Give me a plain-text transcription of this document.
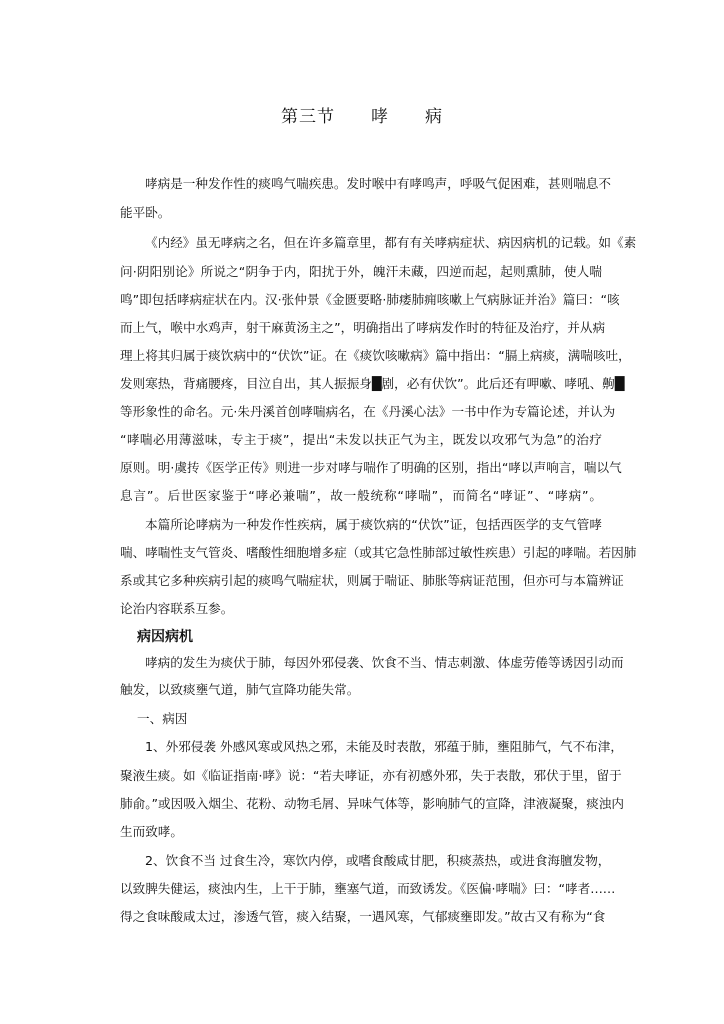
第三节 哮 病
哮病是一种发作性的痰鸣气喘疾患。发时喉中有哮鸣声，呼吸气促困难，甚则喘息不
能平卧。
《内经》虽无哮病之名，但在许多篇章里，都有有关哮病症状、病因病机的记载。如《素
问·阴阳别论》所说之“阴争于内，阳扰于外，魄汗未藏，四逆而起，起则熏肺，使人喘
鸣”即包括哮病症状在内。汉·张仲景《金匮要略·肺痿肺痈咳嗽上气病脉证并治》篇曰：“咳
而上气，喉中水鸡声，射干麻黄汤主之”，明确指出了哮病发作时的特征及治疗，并从病
理上将其归属于痰饮病中的“伏饮”证。在《痰饮咳嗽病》篇中指出：“膈上病痰，满喘咳吐，
发则寒热，背痛腰疼，目泣自出，其人振振身█剧，必有伏饮”。此后还有呷嗽、哮吼、齁█
等形象性的命名。元·朱丹溪首创哮喘病名，在《丹溪心法》一书中作为专篇论述，并认为
“哮喘必用薄滋味，专主于痰”，提出“未发以扶正气为主，既发以攻邪气为急”的治疗
原则。明·虞抟《医学正传》则进一步对哮与喘作了明确的区别，指出“哮以声响言，喘以气
息言”。后世医家鉴于“哮必兼喘”，故一般统称“哮喘”，而简名“哮证”、“哮病”。
本篇所论哮病为一种发作性疾病，属于痰饮病的“伏饮”证，包括西医学的支气管哮
喘、哮喘性支气管炎、嗜酸性细胞增多症（或其它急性肺部过敏性疾患）引起的哮喘。若因肺
系或其它多种疾病引起的痰鸣气喘症状，则属于喘证、肺胀等病证范围，但亦可与本篇辨证
论治内容联系互参。
病因病机
哮病的发生为痰伏于肺，每因外邪侵袭、饮食不当、情志刺激、体虚劳倦等诱因引动而
触发，以致痰壅气道，肺气宣降功能失常。
一、病因
1、外邪侵袭 外感风寒或风热之邪，未能及时表散，邪蕴于肺，壅阻肺气，气不布津，
聚液生痰。如《临证指南·哮》说：“若夫哮证，亦有初感外邪，失于表散，邪伏于里，留于
肺俞。”或因吸入烟尘、花粉、动物毛屑、异味气体等，影响肺气的宣降，津液凝聚，痰浊内
生而致哮。
2、饮食不当 过食生冷，寒饮内停，或嗜食酸咸甘肥，积痰蒸热，或进食海膻发物，
以致脾失健运，痰浊内生，上干于肺，壅塞气道，而致诱发。《医偏·哮喘》曰：“哮者……
得之食味酸咸太过，渗透气管，痰入结聚，一遇风寒，气郁痰壅即发。”故古又有称为“食
